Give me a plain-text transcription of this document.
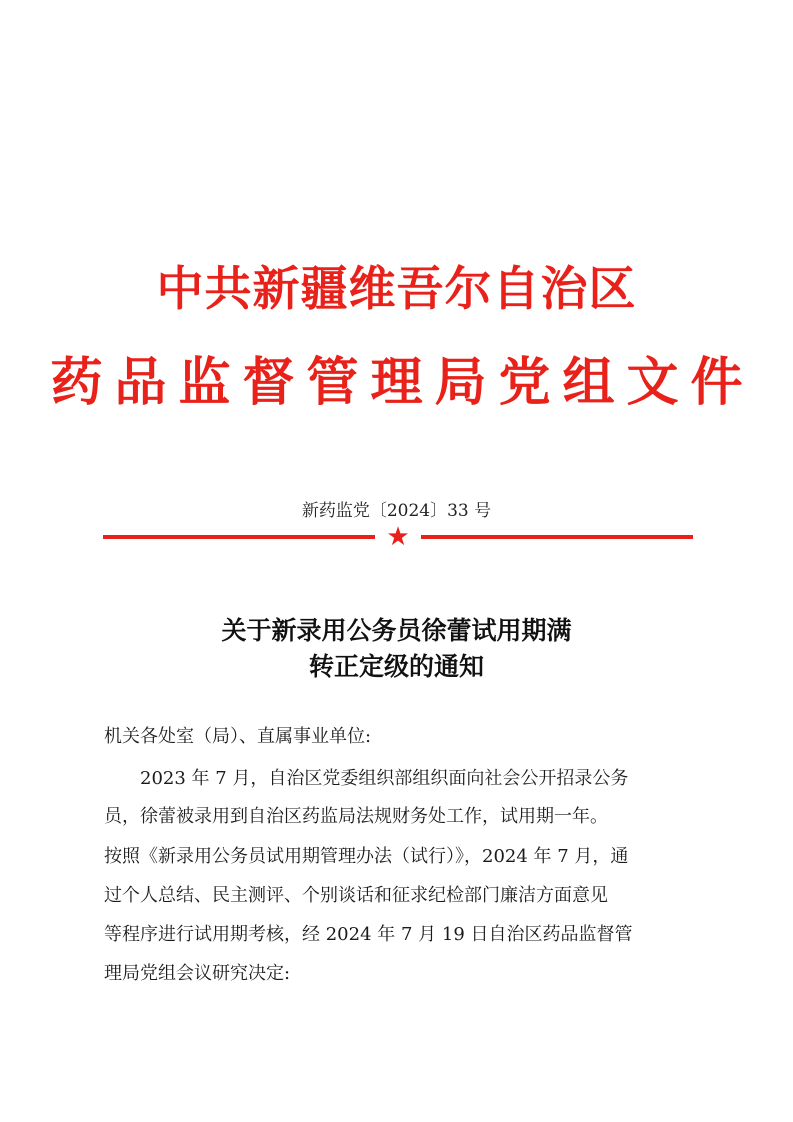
中共新疆维吾尔自治区
药品监督管理局党组文件
新药监党〔2024〕33 号
★
关于新录用公务员徐蕾试用期满
转正定级的通知
机关各处室（局）、直属事业单位:
2023 年 7 月，自治区党委组织部组织面向社会公开招录公务
员，徐蕾被录用到自治区药监局法规财务处工作，试用期一年。
按照《新录用公务员试用期管理办法（试行）》，2024 年 7 月，通
过个人总结、民主测评、个别谈话和征求纪检部门廉洁方面意见
等程序进行试用期考核，经 2024 年 7 月 19 日自治区药品监督管
理局党组会议研究决定:
